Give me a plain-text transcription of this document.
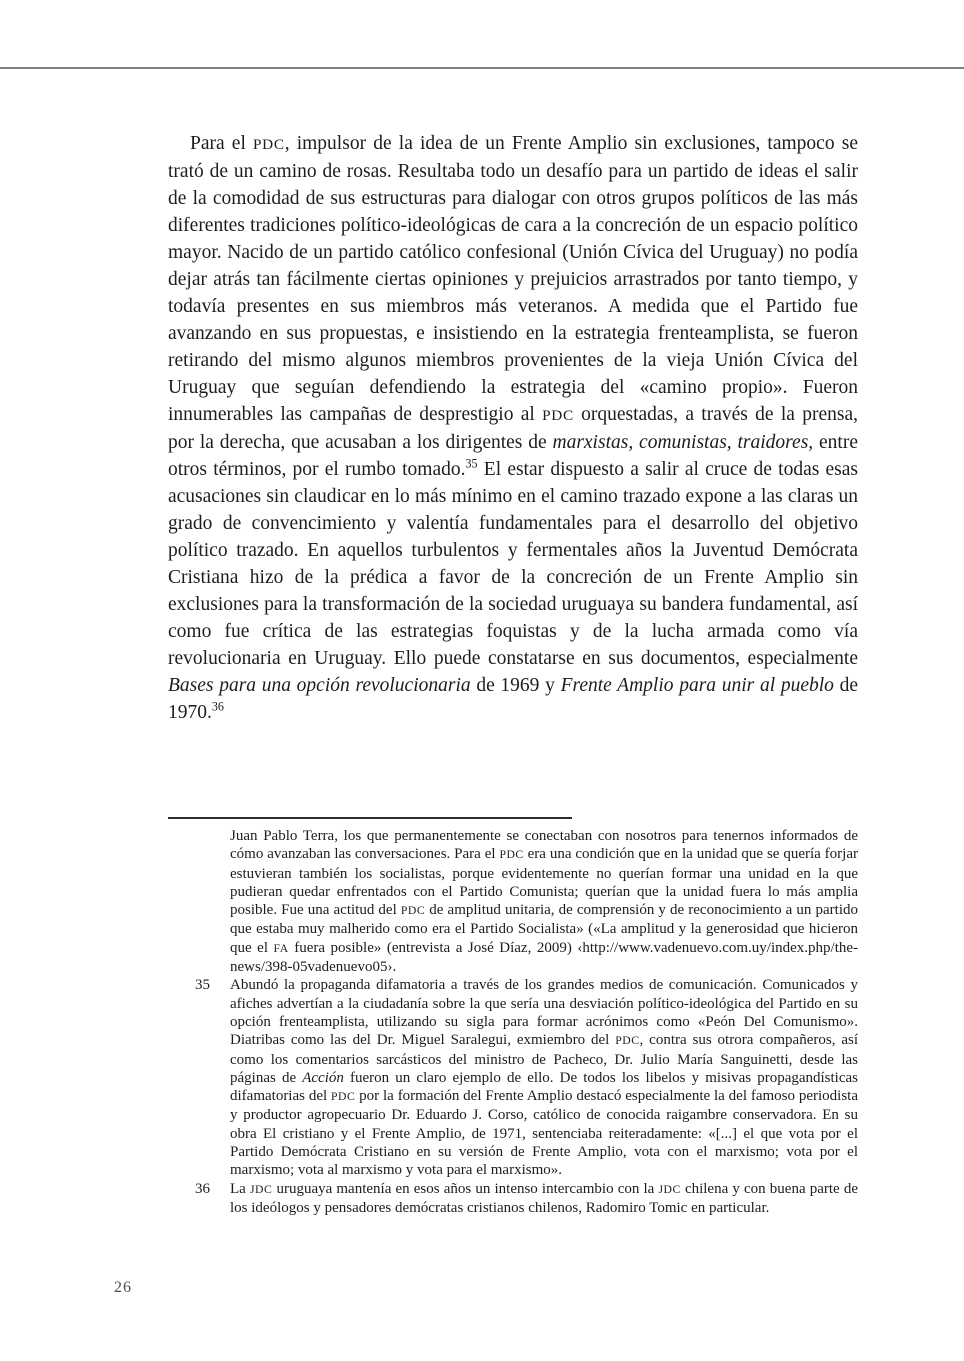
Para el PDC, impulsor de la idea de un Frente Amplio sin exclusiones, tampoco se trató de un camino de rosas. Resultaba todo un desafío para un partido de ideas el salir de la comodidad de sus estructuras para dialogar con otros grupos políticos de las más diferentes tradiciones político-ideológicas de cara a la concreción de un espacio político mayor. Nacido de un partido católico confesional (Unión Cívica del Uruguay) no podía dejar atrás tan fácilmente ciertas opiniones y prejuicios arrastrados por tanto tiempo, y todavía presentes en sus miembros más veteranos. A medida que el Partido fue avanzando en sus propuestas, e insistiendo en la estrategia frenteamplista, se fueron retirando del mismo algunos miembros provenientes de la vieja Unión Cívica del Uruguay que seguían defendiendo la estrategia del «camino propio». Fueron innumerables las campañas de desprestigio al PDC orquestadas, a través de la prensa, por la derecha, que acusaban a los dirigentes de marxistas, comunistas, traidores, entre otros términos, por el rumbo tomado.$^{35}$ El estar dispuesto a salir al cruce de todas esas acusaciones sin claudicar en lo más mínimo en el camino trazado expone a las claras un grado de convencimiento y valentía fundamentales para el desarrollo del objetivo político trazado. En aquellos turbulentos y fermentales años la Juventud Demócrata Cristiana hizo de la prédica a favor de la concreción de un Frente Amplio sin exclusiones para la transformación de la sociedad uruguaya su bandera fundamental, así como fue crítica de las estrategias foquistas y de la lucha armada como vía revolucionaria en Uruguay. Ello puede constatarse en sus documentos, especialmente Bases para una opción revolucionaria de 1969 y Frente Amplio para unir al pueblo de 1970.36

Juan Pablo Terra, los que permanentemente se conectaban con nosotros para tenernos informados de cómo avanzaban las conversaciones. Para el PDC era una condición que en la unidad que se quería forjar estuvieran también los socialistas, porque evidentemente no querían formar una unidad en la que pudieran quedar enfrentados con el Partido Comunista; querían que la unidad fuera lo más amplia posible. Fue una actitud del PDC de amplitud unitaria, de comprensión y de reconocimiento a un partido que estaba muy malherido como era el Partido Socialista» («La amplitud y la generosidad que hicieron que el FA fuera posible» (entrevista a José Díaz, 2009) ‹http://www.vadenuevo.com.uy/index.php/the-news/398-05vadenuevo05›.

35 Abundó la propaganda difamatoria a través de los grandes medios de comunicación. Comunicados y afiches advertían a la ciudadanía sobre la que sería una desviación político-ideológica del Partido en su opción frenteamplista, utilizando su sigla para formar acrónimos como «Peón Del Comunismo». Diatribas como las del Dr. Miguel Saralegui, exmiembro del PDC, contra sus otrora compañeros, así como los comentarios sarcásticos del ministro de Pacheco, Dr. Julio María Sanguinetti, desde las páginas de Acción fueron un claro ejemplo de ello. De todos los libelos y misivas propagandísticas difamatorias del PDC por la formación del Frente Amplio destacó especialmente la del famoso periodista y productor agropecuario Dr. Eduardo J. Corso, católico de conocida raigambre conservadora. En su obra El cristiano y el Frente Amplio, de 1971, sentenciaba reiteradamente: «[...] el que vota por el Partido Demócrata Cristiano en su versión de Frente Amplio, vota con el marxismo; vota por el marxismo; vota al marxismo y vota para el marxismo».

36 La JDC uruguaya mantenía en esos años un intenso intercambio con la JDC chilena y con buena parte de los ideólogos y pensadores demócratas cristianos chilenos, Radomiro Tomic en particular.

26
